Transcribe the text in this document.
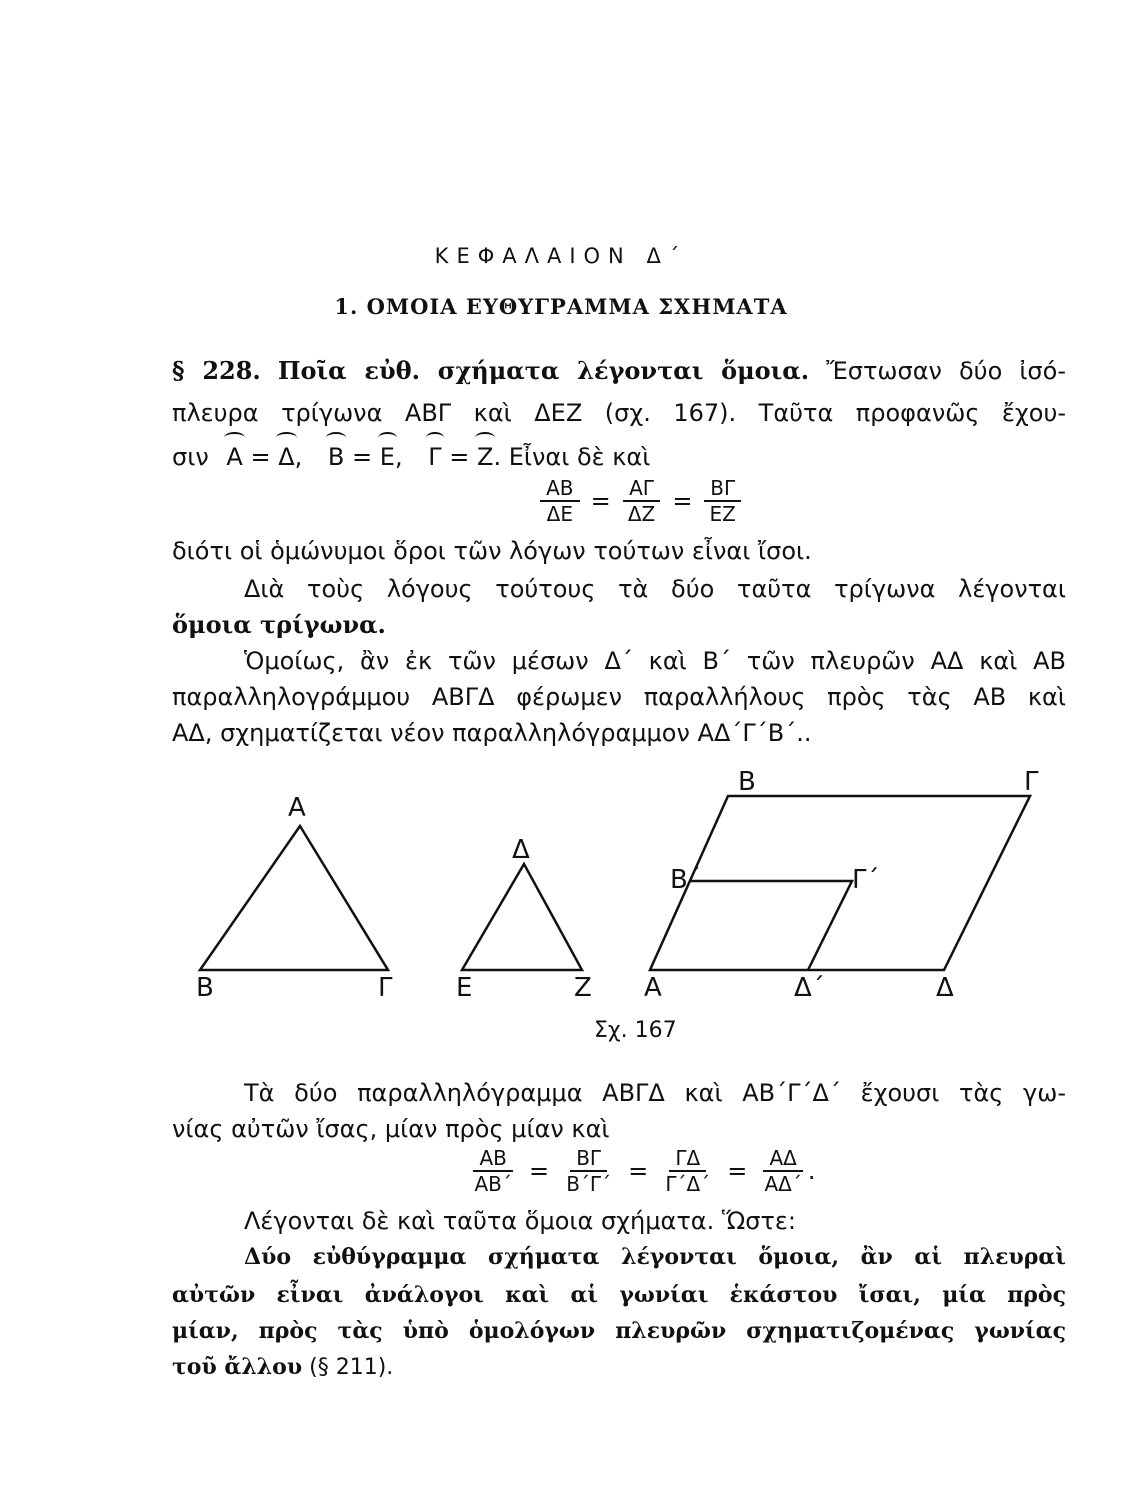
ΚΕΦΑΛΑΙΟΝ Δ΄
1. ΟΜΟΙΑ ΕΥΘΥΓΡΑΜΜΑ ΣΧΗΜΑΤΑ
§ 228. Ποῖα εὐθ. σχήματα λέγονται ὅμοια. Ἔστωσαν δύο ἰσό-
πλευρα τρίγωνα ΑΒΓ καὶ ΔΕΖ (σχ. 167). Ταῦτα προφανῶς ἔχου-
σιν Α = Δ, Β = Ε, Γ = Ζ. Εἶναι δὲ καὶ
$\frac{AB}{\Delta E} = \frac{A\Gamma}{\Delta Z} = \frac{B\Gamma}{EZ}$
διότι οἱ ὁμώνυμοι ὅροι τῶν λόγων τούτων εἶναι ἴσοι.
Διὰ τοὺς λόγους τούτους τὰ δύο ταῦτα τρίγωνα λέγονται
ὅμοια τρίγωνα.
Ὁμοίως, ἂν ἐκ τῶν μέσων Δ΄ καὶ Β΄ τῶν πλευρῶν ΑΔ καὶ ΑΒ
παραλληλογράμμου ΑΒΓΔ φέρωμεν παραλλήλους πρὸς τὰς ΑΒ καὶ
ΑΔ, σχηματίζεται νέον παραλληλόγραμμον ΑΔ΄Γ΄Β΄..
Α
Β	Γ
Δ
Ε	Ζ
Β	Γ
Β΄	Γ΄
Α	Δ΄	Δ
Σχ. 167
Τὰ δύο παραλληλόγραμμα ΑΒΓΔ καὶ ΑΒ΄Γ΄Δ΄ ἔχουσι τὰς γω-
νίας αὐτῶν ἴσας, μίαν πρὸς μίαν καὶ
$\frac{AB}{AB΄} = \frac{B\Gamma}{B΄\Gamma΄} = \frac{\Gamma\Delta}{\Gamma΄\Delta΄} = \frac{A\Delta}{A\Delta΄}$ .
Λέγονται δὲ καὶ ταῦτα ὅμοια σχήματα. Ὥστε:
Δύο εὐθύγραμμα σχήματα λέγονται ὅμοια, ἂν αἱ πλευραὶ
αὐτῶν εἶναι ἀνάλογοι καὶ αἱ γωνίαι ἑκάστου ἴσαι, μία πρὸς
μίαν, πρὸς τὰς ὑπὸ ὁμολόγων πλευρῶν σχηματιζομένας γωνίας
τοῦ ἄλλου (§ 211).
